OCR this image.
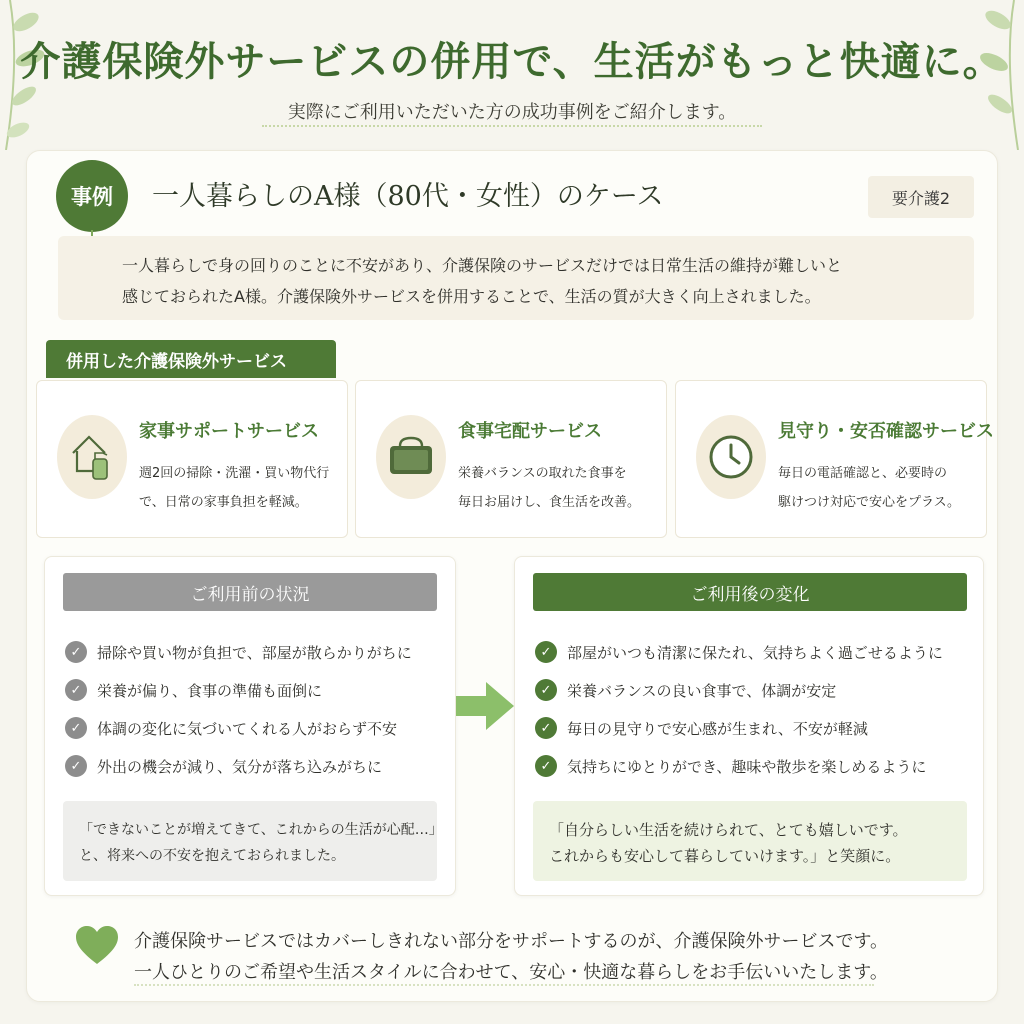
介護保険外サービスの併用で、生活がもっと快適に。
実際にご利用いただいた方の成功事例をご紹介します。
事例	一人暮らしのA様（80代・女性）のケース	要介護2

一人暮らしで身の回りのことに不安があり、介護保険のサービスだけでは日常生活の維持が難しいと

感じておられたA様。介護保険外サービスを併用することで、生活の質が大きく向上されました。

併用した介護保険外サービス
家事サポートサービス

週2回の掃除・洗濯・買い物代行

で、日常の家事負担を軽減。

食事宅配サービス

栄養バランスの取れた食事を

毎日お届けし、食生活を改善。

見守り・安否確認サービス

毎日の電話確認と、必要時の

駆けつけ対応で安心をプラス。

ご利用前の状況
✓	掃除や買い物が負担で、部屋が散らかりがちに
✓	栄養が偏り、食事の準備も面倒に
✓	体調の変化に気づいてくれる人がおらず不安
✓	外出の機会が減り、気分が落ち込みがちに

「できないことが増えてきて、これからの生活が心配…」

と、将来への不安を抱えておられました。

ご利用後の変化
✓	部屋がいつも清潔に保たれ、気持ちよく過ごせるように
✓	栄養バランスの良い食事で、体調が安定
✓	毎日の見守りで安心感が生まれ、不安が軽減
✓	気持ちにゆとりができ、趣味や散歩を楽しめるように

「自分らしい生活を続けられて、とても嬉しいです。

これからも安心して暮らしていけます。」と笑顔に。

介護保険サービスではカバーしきれない部分をサポートするのが、介護保険外サービスです。

一人ひとりのご希望や生活スタイルに合わせて、安心・快適な暮らしをお手伝いいたします。
